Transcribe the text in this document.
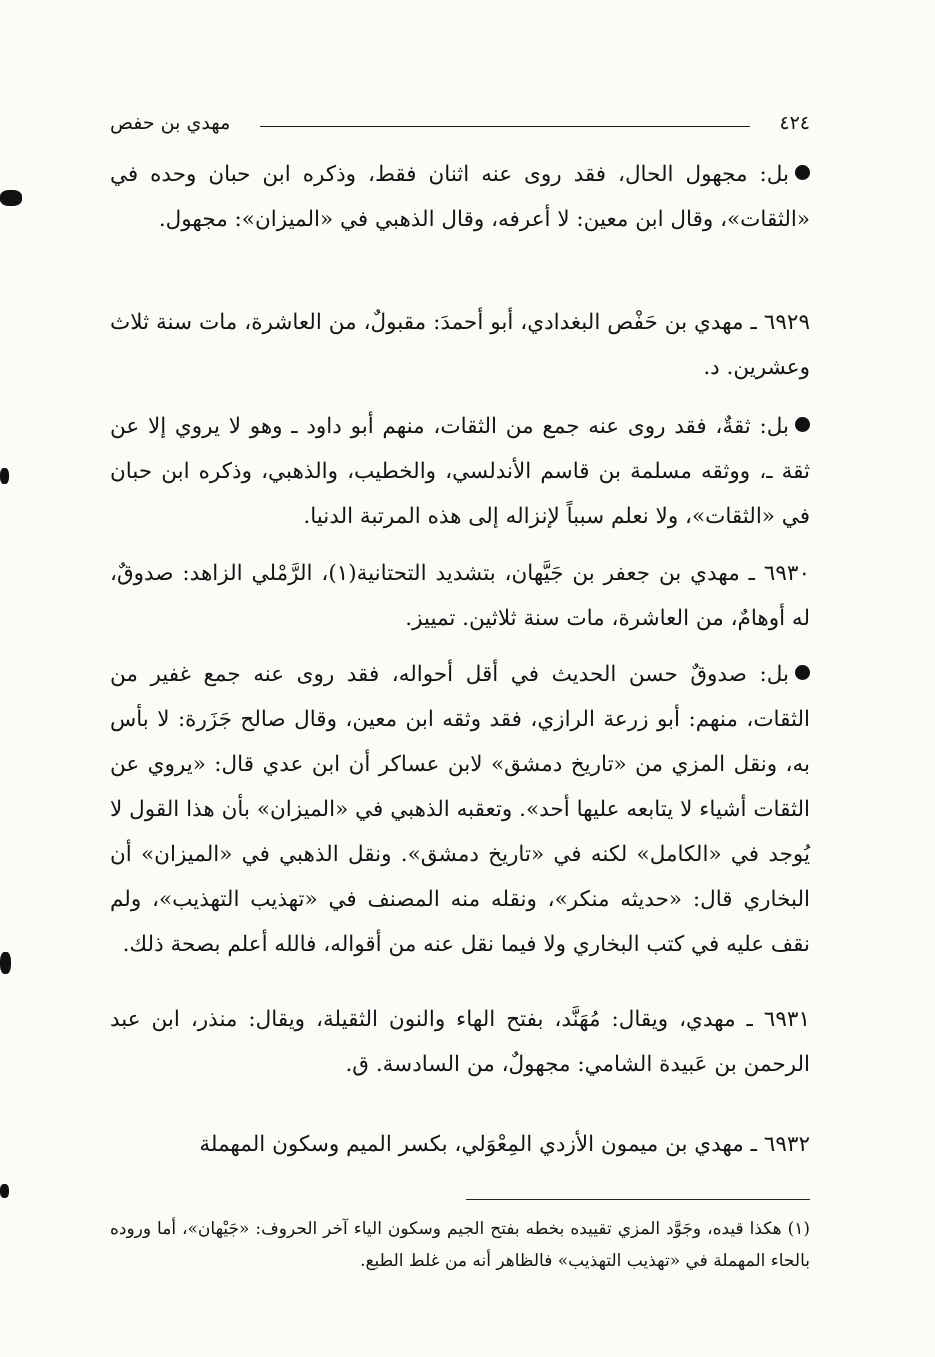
٤٢٤
مهدي بن حفص
بل: مجهول الحال، فقد روى عنه اثنان فقط، وذكره ابن حبان وحده في «الثقات»، وقال ابن معين: لا أعرفه، وقال الذهبي في «الميزان»: مجهول.
٦٩٢٩ ـ مهدي بن حَفْص البغدادي، أبو أحمدَ: مقبولٌ، من العاشرة، مات سنة ثلاث وعشرين. د.
بل: ثقةٌ، فقد روى عنه جمع من الثقات، منهم أبو داود ـ وهو لا يروي إلا عن ثقة ـ، ووثقه مسلمة بن قاسم الأندلسي، والخطيب، والذهبي، وذكره ابن حبان في «الثقات»، ولا نعلم سبباً لإنزاله إلى هذه المرتبة الدنيا.
٦٩٣٠ ـ مهدي بن جعفر بن جَيَّهان، بتشديد التحتانية(١)، الرَّمْلي الزاهد: صدوقٌ، له أوهامٌ، من العاشرة، مات سنة ثلاثين. تمييز.
بل: صدوقٌ حسن الحديث في أقل أحواله، فقد روى عنه جمع غفير من الثقات، منهم: أبو زرعة الرازي، فقد وثقه ابن معين، وقال صالح جَزَرة: لا بأس به، ونقل المزي من «تاريخ دمشق» لابن عساكر أن ابن عدي قال: «يروي عن الثقات أشياء لا يتابعه عليها أحد». وتعقبه الذهبي في «الميزان» بأن هذا القول لا يُوجد في «الكامل» لكنه في «تاريخ دمشق». ونقل الذهبي في «الميزان» أن البخاري قال: «حديثه منكر»، ونقله منه المصنف في «تهذيب التهذيب»، ولم نقف عليه في كتب البخاري ولا فيما نقل عنه من أقواله، فالله أعلم بصحة ذلك.
٦٩٣١ ـ مهدي، ويقال: مُهَنَّد، بفتح الهاء والنون الثقيلة، ويقال: منذر، ابن عبد الرحمن بن عَبيدة الشامي: مجهولٌ، من السادسة. ق.
٦٩٣٢ ـ مهدي بن ميمون الأزدي المِعْوَلي، بكسر الميم وسكون المهملة
(١) هكذا قيده، وجَوَّد المزي تقييده بخطه بفتح الجيم وسكون الياء آخر الحروف: «جَيْهان»، أما وروده بالحاء المهملة في «تهذيب التهذيب» فالظاهر أنه من غلط الطبع.
